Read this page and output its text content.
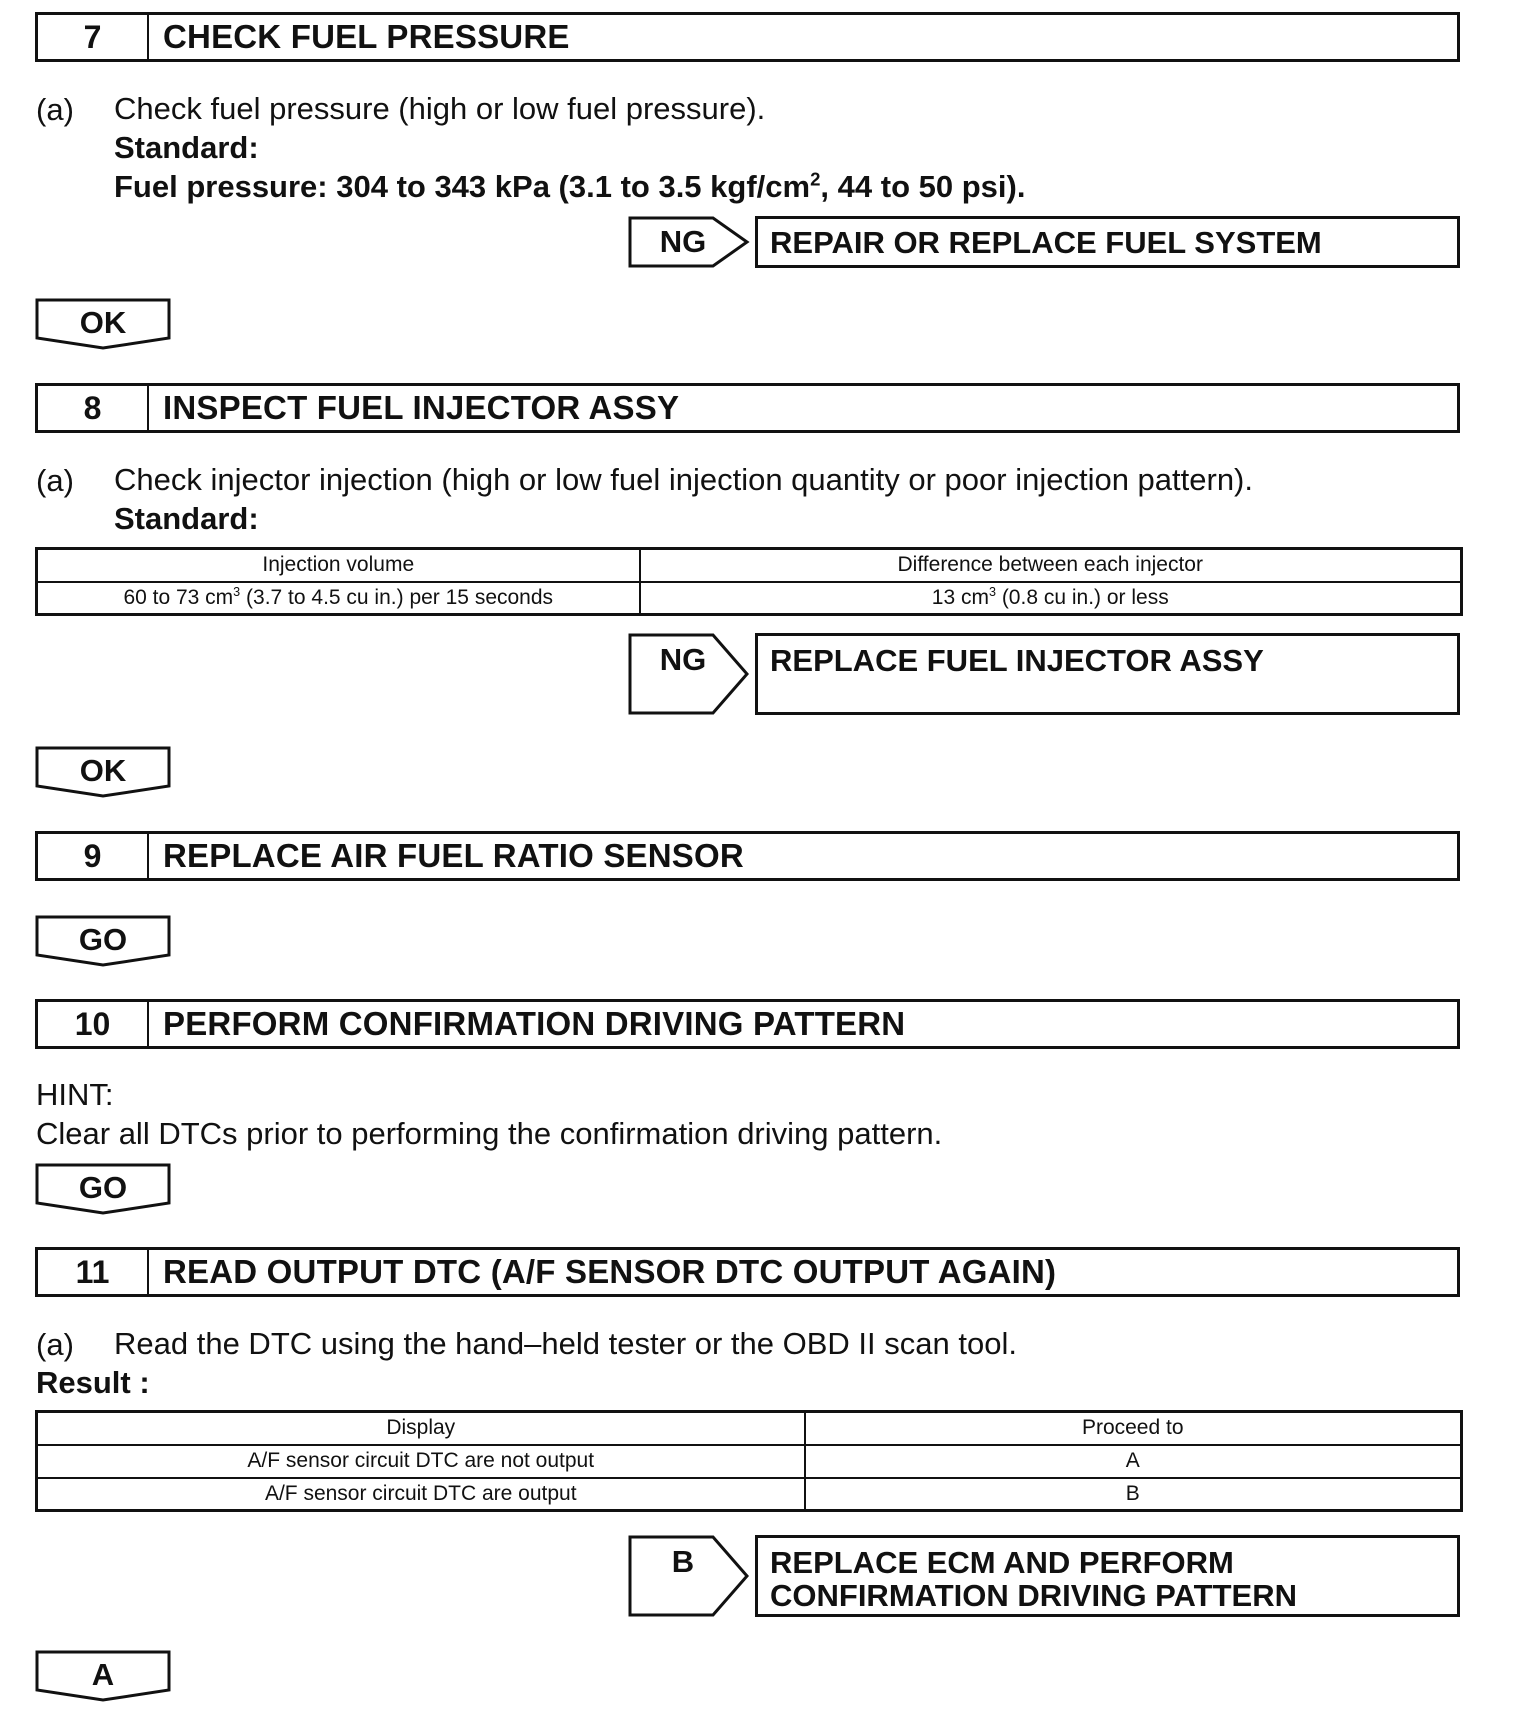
7	CHECK FUEL PRESSURE
(a) Check fuel pressure (high or low fuel pressure).
Standard:
Fuel pressure: 304 to 343 kPa (3.1 to 3.5 kgf/$cm^2$, 44 to 50 psi).
NG	REPAIR OR REPLACE FUEL SYSTEM
OK
8	INSPECT FUEL INJECTOR ASSY
(a) Check injector injection (high or low fuel injection quantity or poor injection pattern).
Standard:
Injection volume	Difference between each injector
60 to 73 $cm^3$ (3.7 to 4.5 cu in.) per 15 seconds	13 $cm^3$ (0.8 cu in.) or less
NG	REPLACE FUEL INJECTOR ASSY
OK
9	REPLACE AIR FUEL RATIO SENSOR
GO
10	PERFORM CONFIRMATION DRIVING PATTERN
HINT:
Clear all DTCs prior to performing the confirmation driving pattern.
GO
11	READ OUTPUT DTC (A/F SENSOR DTC OUTPUT AGAIN)
(a) Read the DTC using the hand–held tester or the OBD II scan tool.
Result :
Display	Proceed to
A/F sensor circuit DTC are not output	A
A/F sensor circuit DTC are output	B
B	REPLACE ECM AND PERFORM
CONFIRMATION DRIVING PATTERN
A
